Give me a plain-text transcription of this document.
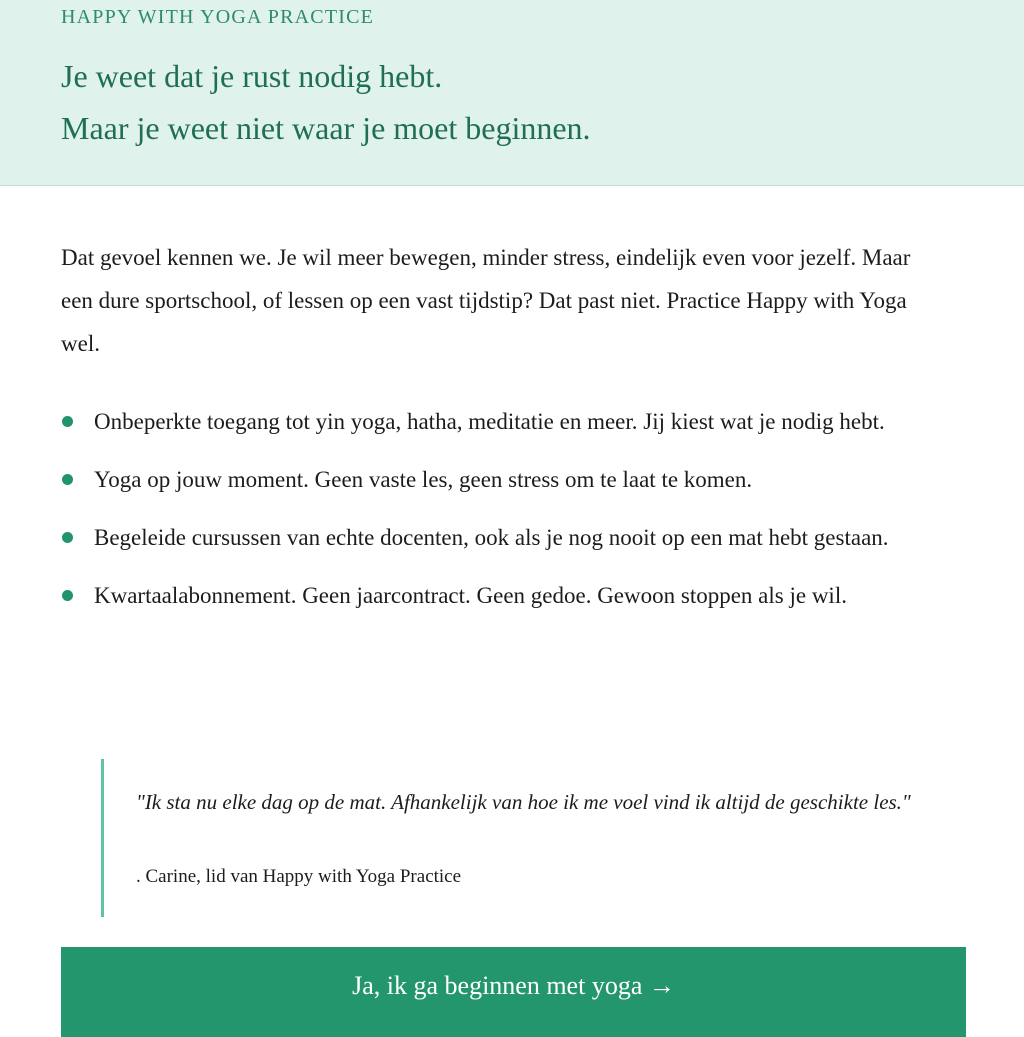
HAPPY WITH YOGA PRACTICE
Je weet dat je rust nodig hebt.
Maar je weet niet waar je moet beginnen.

Dat gevoel kennen we. Je wil meer bewegen, minder stress, eindelijk even voor jezelf. Maar een dure sportschool, of lessen op een vast tijdstip? Dat past niet. Practice Happy with Yoga wel.

Onbeperkte toegang tot yin yoga, hatha, meditatie en meer. Jij kiest wat je nodig hebt.
Yoga op jouw moment. Geen vaste les, geen stress om te laat te komen.
Begeleide cursussen van echte docenten, ook als je nog nooit op een mat hebt gestaan.
Kwartaalabonnement. Geen jaarcontract. Geen gedoe. Gewoon stoppen als je wil.

"Ik sta nu elke dag op de mat. Afhankelijk van hoe ik me voel vind ik altijd de geschikte les."

. Carine, lid van Happy with Yoga Practice
Ja, ik ga beginnen met yoga →
